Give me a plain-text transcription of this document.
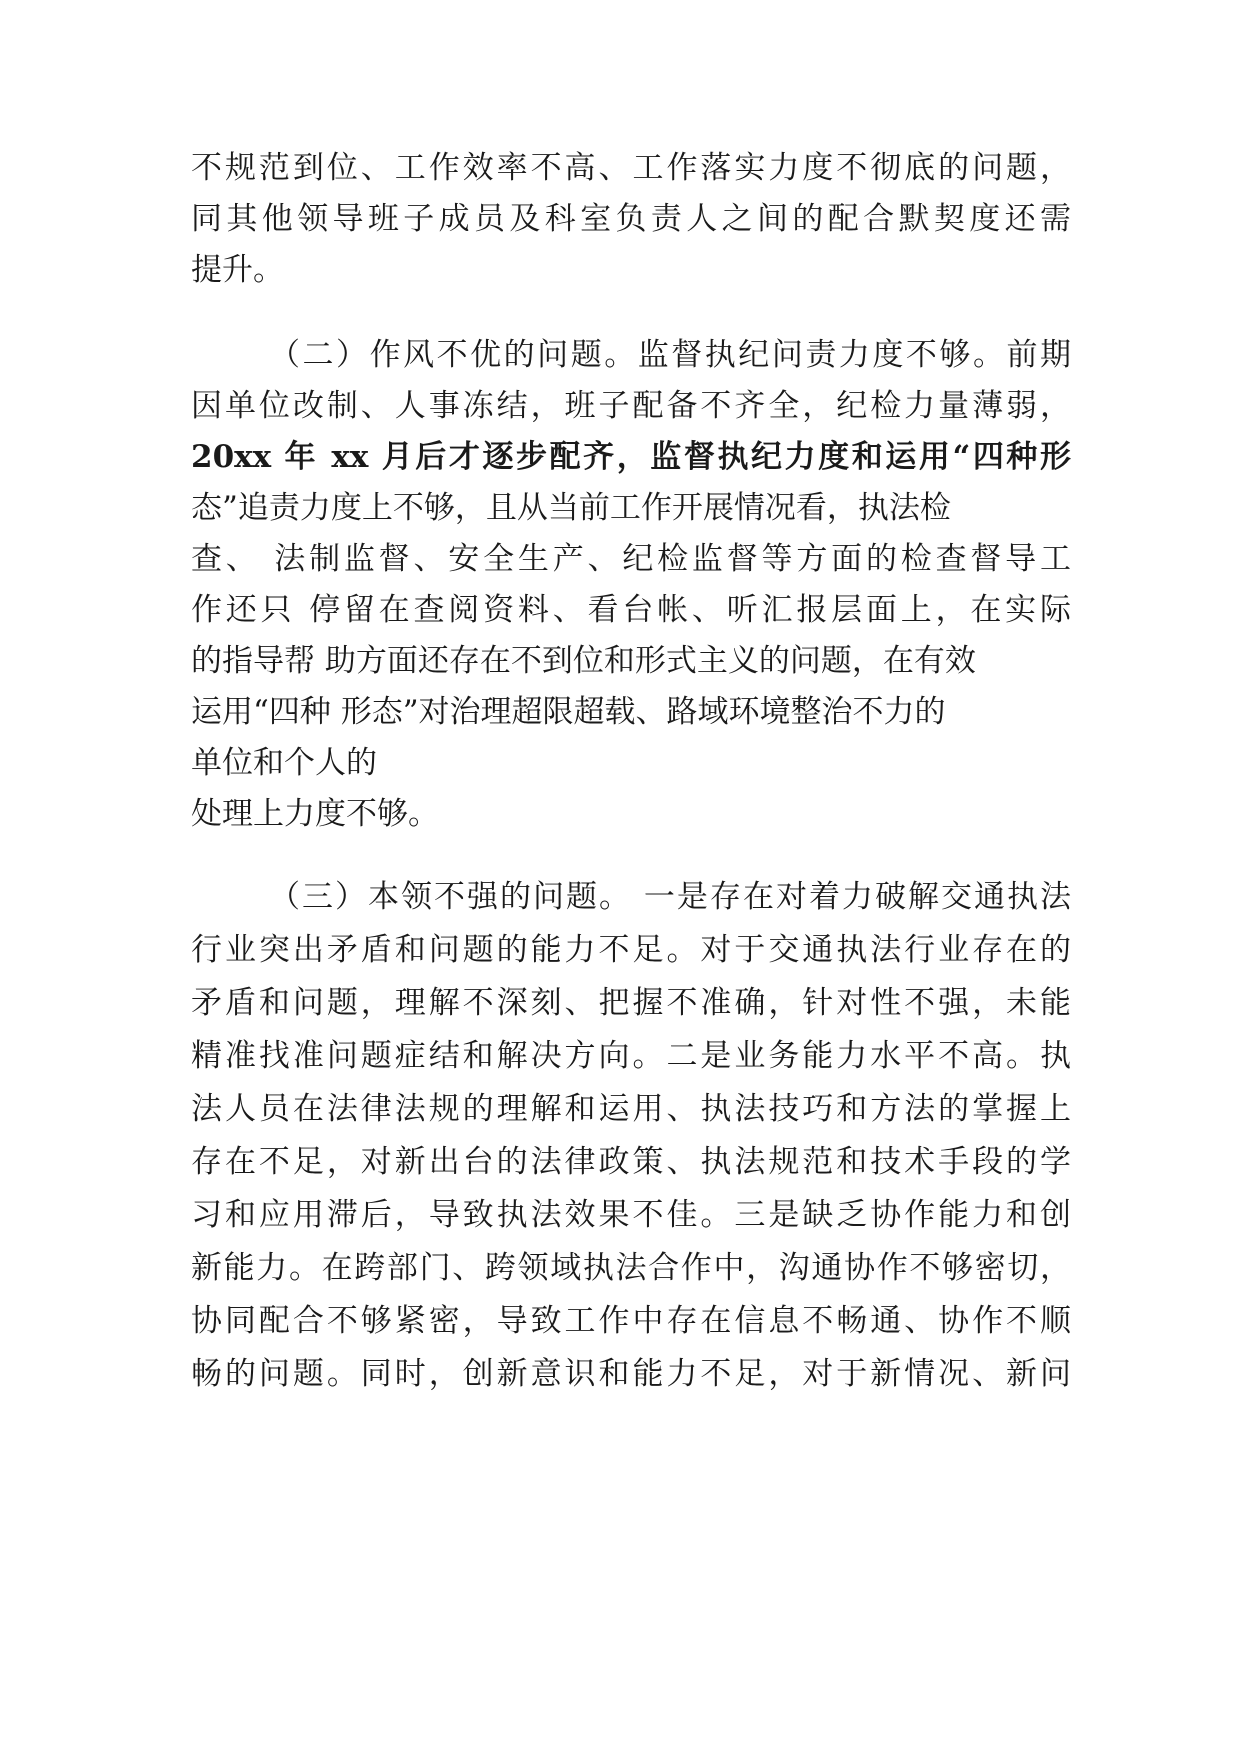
不规范到位、工作效率不高、工作落实力度不彻底的问题，
同其他领导班子成员及科室负责人之间的配合默契度还需
提升。
（二）作风不优的问题。监督执纪问责力度不够。前期
因单位改制、人事冻结，班子配备不齐全，纪检力量薄弱，
20xx 年 xx 月后才逐步配齐，监督执纪力度和运用“四种形
态”追责力度上不够，且从当前工作开展情况看，执法检
查、 法制监督、安全生产、纪检监督等方面的检查督导工
作还只 停留在查阅资料、看台帐、听汇报层面上，在实际
的指导帮 助方面还存在不到位和形式主义的问题，在有效
运用“四种 形态”对治理超限超载、路域环境整治不力的
单位和个人的
处理上力度不够。
（三）本领不强的问题。 一是存在对着力破解交通执法
行业突出矛盾和问题的能力不足。对于交通执法行业存在的
矛盾和问题，理解不深刻、把握不准确，针对性不强，未能
精准找准问题症结和解决方向。二是业务能力水平不高。执
法人员在法律法规的理解和运用、执法技巧和方法的掌握上
存在不足，对新出台的法律政策、执法规范和技术手段的学
习和应用滞后，导致执法效果不佳。三是缺乏协作能力和创
新能力。在跨部门、跨领域执法合作中，沟通协作不够密切，
协同配合不够紧密，导致工作中存在信息不畅通、协作不顺
畅的问题。同时，创新意识和能力不足，对于新情况、新问
